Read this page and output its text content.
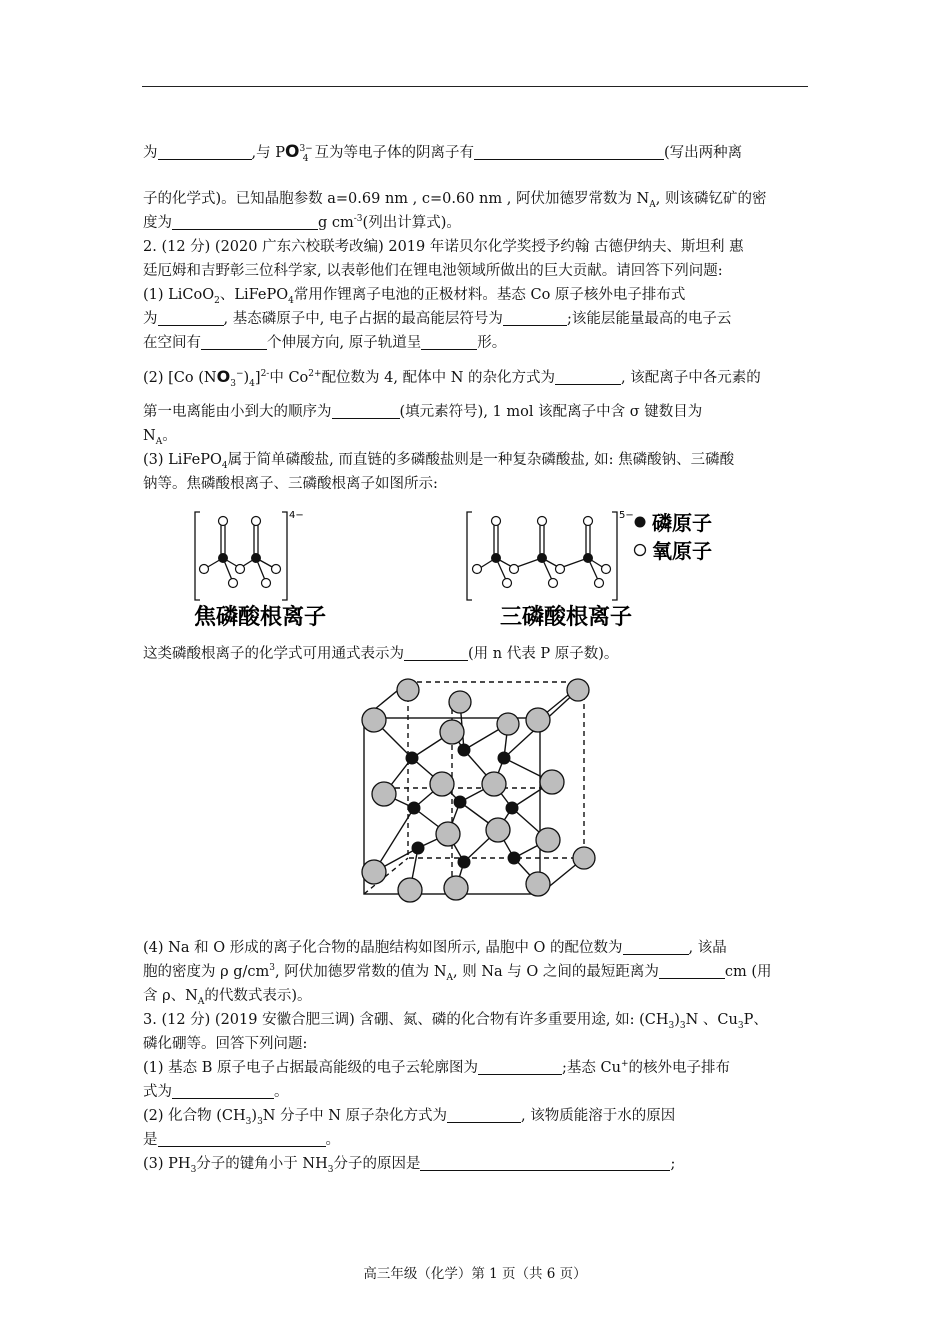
为	,与 $PO^{3-}_4$ 互为等电子体的阴离子有	(写出两种离
子的化学式)。已知晶胞参数 a=0.69 nm , c=0.60 nm , 阿伏加德罗常数为 $N_A$, 则该磷钇矿的密
度为	g $cm^{-3}$(列出计算式)。
2. (12 分) (2020 广东六校联考改编) 2019 年诺贝尔化学奖授予约翰 古德伊纳夫、斯坦利 惠
廷厄姆和吉野彰三位科学家, 以表彰他们在锂电池领域所做出的巨大贡献。请回答下列问题:
(1) LiCoO$_2$、LiFePO$_4$常用作锂离子电池的正极材料。基态 Co 原子核外电子排布式
为	, 基态磷原子中, 电子占据的最高能层符号为	;该能层能量最高的电子云
在空间有	个伸展方向, 原子轨道呈	形。
(2) [Co $(NO_3^-)_4]^{2-}$中 $Co^{2+}$配位数为 4, 配体中 N 的杂化方式为	, 该配离子中各元素的
第一电离能由小到大的顺序为	(填元素符号), 1 mol 该配离子中含 σ 键数目为
$N_A$。
(3) LiFePO$_4$属于简单磷酸盐, 而直链的多磷酸盐则是一种复杂磷酸盐, 如: 焦磷酸钠、三磷酸
钠等。焦磷酸根离子、三磷酸根离子如图所示:
4−	5−
焦磷酸根离子	三磷酸根离子
磷原子
氧原子
这类磷酸根离子的化学式可用通式表示为	(用 n 代表 P 原子数)。
(4) Na 和 O 形成的离子化合物的晶胞结构如图所示, 晶胞中 O 的配位数为	, 该晶
胞的密度为 ρ $g/cm^3$, 阿伏加德罗常数的值为 $N_A$, 则 Na 与 O 之间的最短距离为	cm (用
含 ρ、$N_A$的代数式表示)。
3. (12 分) (2019 安徽合肥三调) 含硼、氮、磷的化合物有许多重要用途, 如: $(CH_3)_3N$ 、$Cu_3P$、
磷化硼等。回答下列问题:
(1) 基态 B 原子电子占据最高能级的电子云轮廓图为	;基态 Cu+的核外电子排布
式为	。
(2) 化合物 $(CH_3)_3N$ 分子中 N 原子杂化方式为	, 该物质能溶于水的原因
是	。
(3) $PH_3$分子的键角小于 $NH_3$分子的原因是	;
高三年级（化学）第 1 页（共 6 页）
